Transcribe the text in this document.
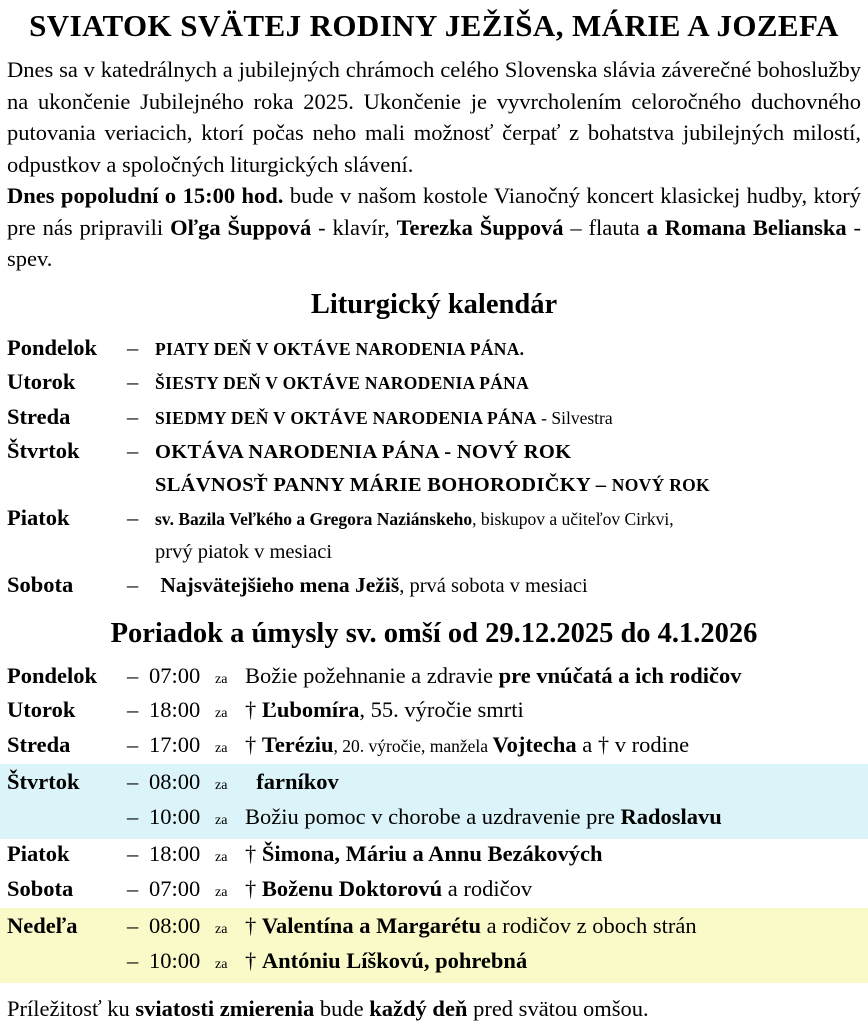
SVIATOK SVÄTEJ RODINY JEŽIŠA, MÁRIE A JOZEFA

Dnes sa v katedrálnych a jubilejných chrámoch celého Slovenska slávia záverečné bohoslužby na ukončenie Jubilejného roka 2025. Ukončenie je vyvrcholením celoročného duchovného putovania veriacich, ktorí počas neho mali možnosť čerpať z bohatstva jubilejných milostí, odpustkov a spoločných liturgických slávení.

Dnes popoludní o 15:00 hod. bude v našom kostole Vianočný koncert klasickej hudby, ktorý pre nás pripravili Oľga Šuppová - klavír, Terezka Šuppová – flauta a Romana Belianska - spev.

Liturgický kalendár
Pondelok	– PIATY DEŇ V OKTÁVE NARODENIA PÁNA.
Utorok	– ŠIESTY DEŇ V OKTÁVE NARODENIA PÁNA
Streda	– SIEDMY DEŇ V OKTÁVE NARODENIA PÁNA - Silvestra
Štvrtok	– OKTÁVA NARODENIA PÁNA - NOVÝ ROK
SLÁVNOSŤ PANNY MÁRIE BOHORODIČKY – NOVÝ ROK
Piatok	– sv. Bazila Veľkého a Gregora Naziánskeho, biskupov a učiteľov Cirkvi,
prvý piatok v mesiaci
Sobota	– Najsvätejšieho mena Ježiš, prvá sobota v mesiaci
Poriadok a úmysly sv. omší od 29.12.2025 do 4.1.2026
Pondelok	– 07:00	za Božie požehnanie a zdravie pre vnúčatá a ich rodičov
Utorok	– 18:00	za † Ľubomíra, 55. výročie smrti
Streda	– 17:00	za † Teréziu, 20. výročie, manžela Vojtecha a † v rodine
Štvrtok	– 08:00	za farníkov
– 10:00	za Božiu pomoc v chorobe a uzdravenie pre Radoslavu
Piatok	– 18:00	za † Šimona, Máriu a Annu Bezákových
Sobota	– 07:00	za † Boženu Doktorovú a rodičov
Nedeľa	– 08:00	za † Valentína a Margarétu a rodičov z oboch strán
– 10:00	za † Antóniu Líškovú, pohrebná

Príležitosť ku sviatosti zmierenia bude každý deň pred svätou omšou.
